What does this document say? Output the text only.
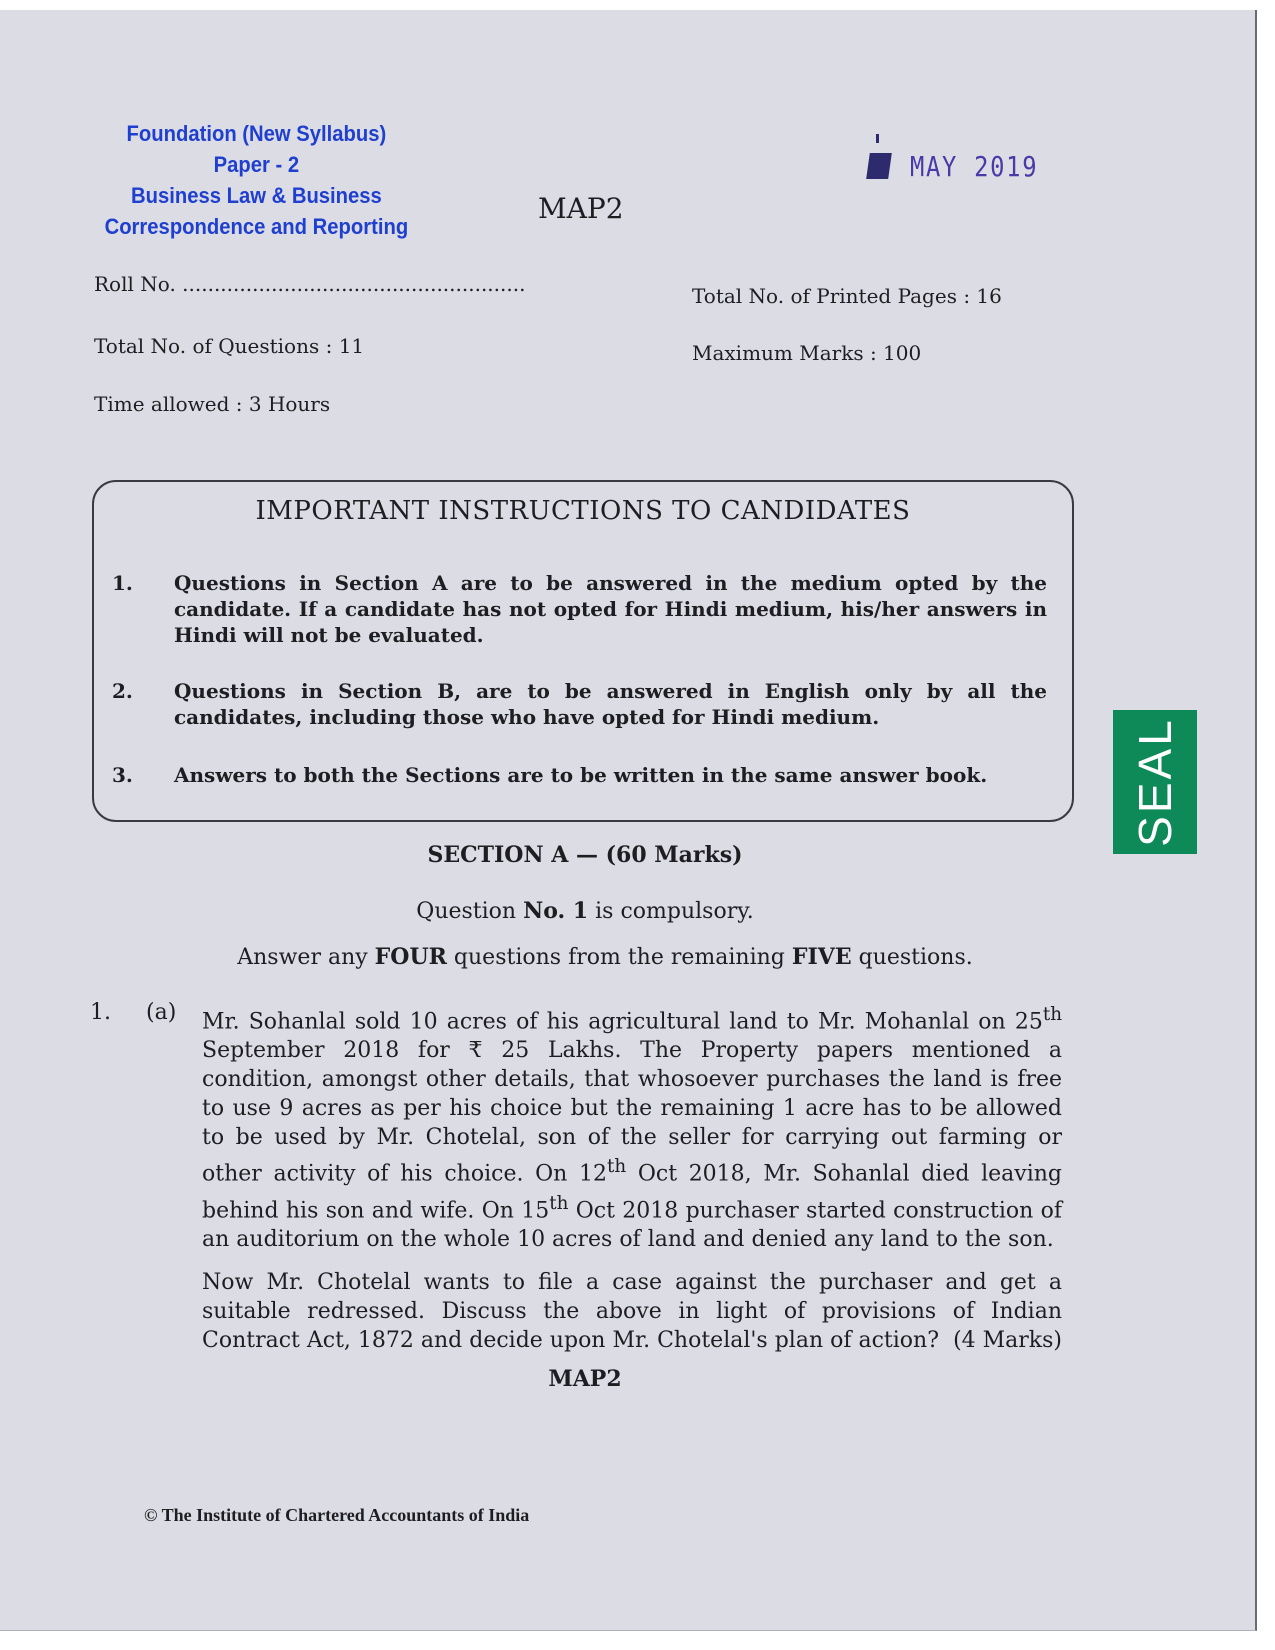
Foundation (New Syllabus)
Paper - 2
Business Law & Business
Correspondence and Reporting
MAY 2019
MAP2
Roll No. ......................................................	Total No. of Printed Pages : 16
Total No. of Questions : 11	Maximum Marks : 100
Time allowed : 3 Hours
IMPORTANT INSTRUCTIONS TO CANDIDATES
1. Questions in Section A are to be answered in the medium opted by the candidate. If a candidate has not opted for Hindi medium, his/her answers in Hindi will not be evaluated.
2. Questions in Section B, are to be answered in English only by all the candidates, including those who have opted for Hindi medium.
3. Answers to both the Sections are to be written in the same answer book.	SEAL
SECTION A — (60 Marks)
Question No. 1 is compulsory.
Answer any FOUR questions from the remaining FIVE questions.
1. (a) Mr. Sohanlal sold 10 acres of his agricultural land to Mr. Mohanlal on 25th September 2018 for ₹ 25 Lakhs. The Property papers mentioned a condition, amongst other details, that whosoever purchases the land is free to use 9 acres as per his choice but the remaining 1 acre has to be allowed to be used by Mr. Chotelal, son of the seller for carrying out farming or other activity of his choice. On 12th Oct 2018, Mr. Sohanlal died leaving behind his son and wife. On 15th Oct 2018 purchaser started construction of an auditorium on the whole 10 acres of land and denied any land to the son.

Now Mr. Chotelal wants to file a case against the purchaser and get a suitable redressed. Discuss the above in light of provisions of Indian Contract Act, 1872 and decide upon Mr. Chotelal's plan of action? (4 Marks)

MAP2
© The Institute of Chartered Accountants of India
